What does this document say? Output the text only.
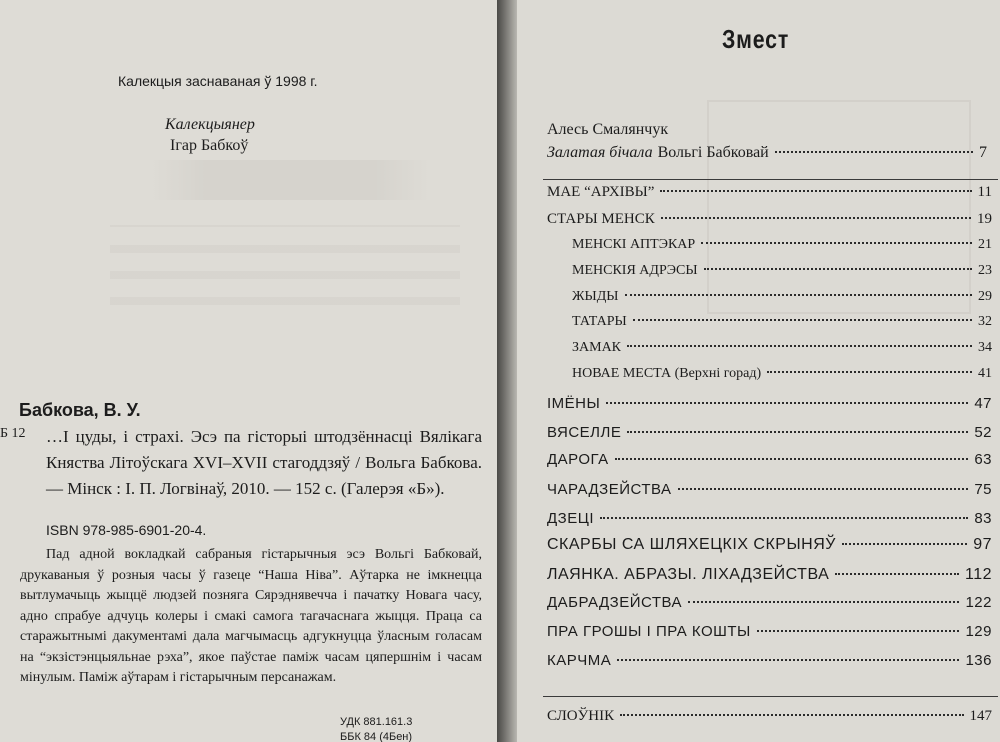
Калекцыя заснаваная ў 1998 г.
Калекцыянер
Ігар Бабкоў
Бабкова, В. У.
Б 12 …І цуды, і страхі. Эсэ па гісторыі штодзённасці Вялікага Княства Літоўскага XVI–XVII стагоддзяў / Вольга Бабкова. — Мінск : І. П. Логвінаў, 2010. — 152 с. (Галерэя «Б»).
ISBN 978-985-6901-20-4.
Пад адной вокладкай сабраныя гістарычныя эсэ Вольгі Бабковай, друкаваныя ў розныя часы ў газеце “Наша Ніва”. Аўтарка не імкнецца вытлумачыць жыццё людзей позняга Сярэднявечча і пачатку Новага часу, адно спрабуе адчуць колеры і смакі самога тагачаснага жыцця. Праца са старажытнымі дакументамі дала магчымасць адгукнуцца ўласным голасам на “экзістэнцыяльнае рэха”, якое паўстае паміж часам цяпершнім і часам мінулым. Паміж аўтарам і гістарычным персанажам.
УДК 881.161.3
ББК 84 (4Бен)
Змест
Алесь Смалянчук
Залатая бічала Вольгі Бабковай	7
МАЕ “АРХІВЫ”	11
СТАРЫ МЕНСК	19
МЕНСКІ АПТЭКАР	21
МЕНСКІЯ АДРЭСЫ	23
ЖЫДЫ	29
ТАТАРЫ	32
ЗАМАК	34
НОВАЕ МЕСТА (Верхні горад)	41
ІМЁНЫ	47
ВЯСЕЛЛЕ	52
ДАРОГА	63
ЧАРАДЗЕЙСТВА	75
ДЗЕЦІ	83
СКАРБЫ СА ШЛЯХЕЦКІХ СКРЫНЯЎ	97
ЛАЯНКА. АБРАЗЫ. ЛІХАДЗЕЙСТВА	112
ДАБРАДЗЕЙСТВА	122
ПРА ГРОШЫ І ПРА КОШТЫ	129
КАРЧМА	136
СЛОЎНІК	147
